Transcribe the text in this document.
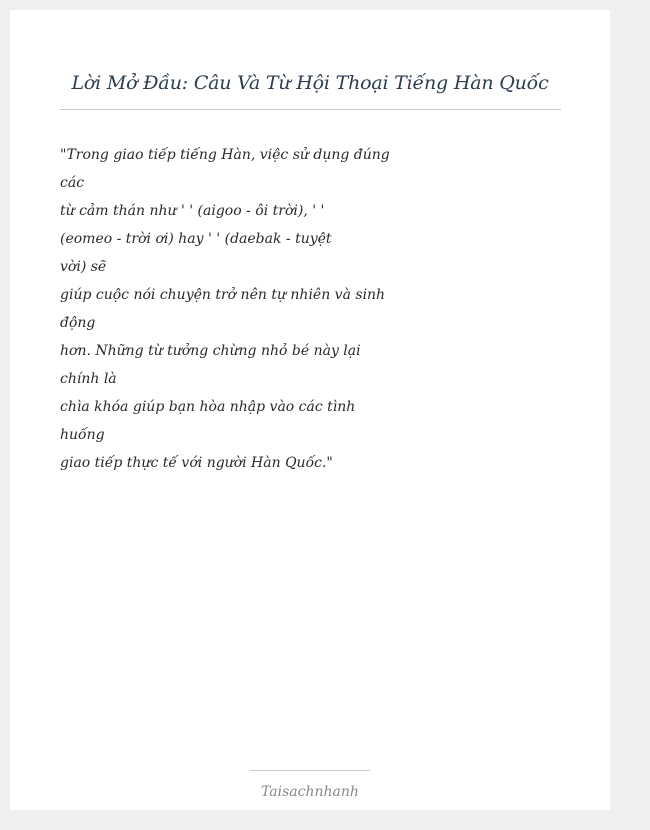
Lời Mở Đầu: Câu Và Từ Hội Thoại Tiếng Hàn Quốc
"Trong giao tiếp tiếng Hàn, việc sử dụng đúng
các
từ cảm thán như ' ' (aigoo - ôi trời), ' '
(eomeo - trời ơi) hay ' ' (daebak - tuyệt
vời) sẽ
giúp cuộc nói chuyện trở nên tự nhiên và sinh
động
hơn. Những từ tưởng chừng nhỏ bé này lại
chính là
chìa khóa giúp bạn hòa nhập vào các tình
huống
giao tiếp thực tế với người Hàn Quốc."
Taisachnhanh
